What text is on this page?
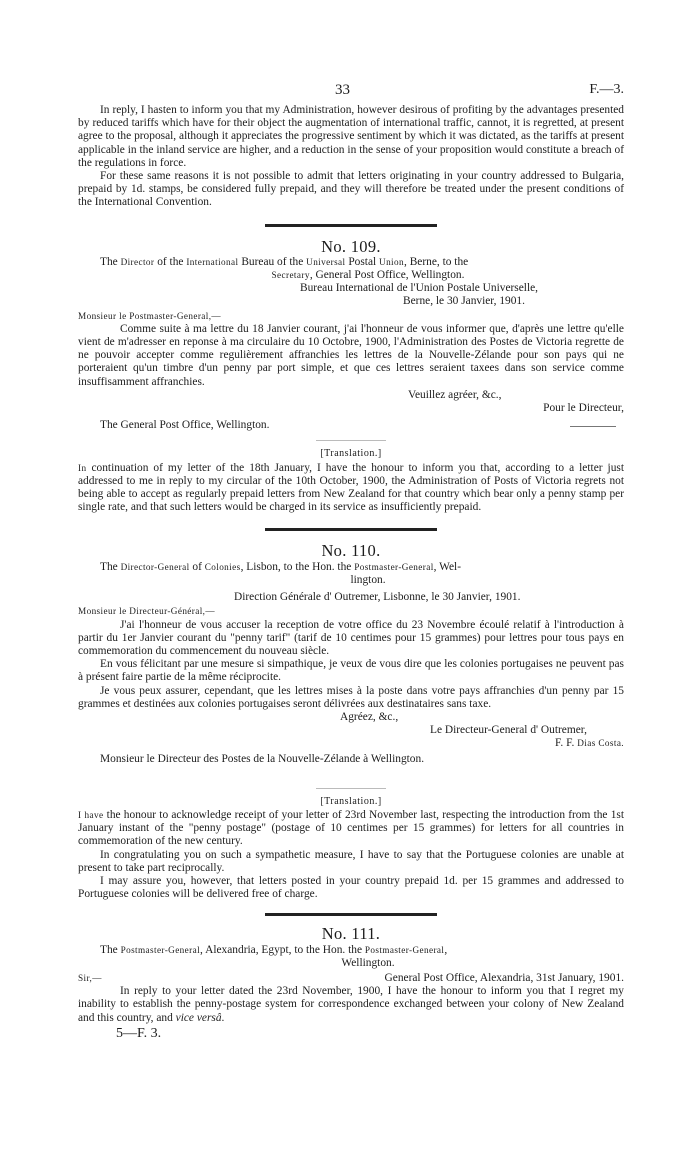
33	F.—3.

In reply, I hasten to inform you that my Administration, however desirous of profiting by the advantages presented by reduced tariffs which have for their object the augmentation of international traffic, cannot, it is regretted, at present agree to the proposal, although it appreciates the progressive sentiment by which it was dictated, as the tariffs at present applicable in the inland service are higher, and a reduction in the sense of your proposition would constitute a breach of the regulations in force.

For these same reasons it is not possible to admit that letters originating in your country addressed to Bulgaria, prepaid by 1d. stamps, be considered fully prepaid, and they will therefore be treated under the present conditions of the International Convention.

No. 109.

The Director of the International Bureau of the Universal Postal Union, Berne, to the

Secretary, General Post Office, Wellington.

Bureau International de l'Union Postale Universelle,
Berne, le 30 Janvier, 1901.
Monsieur le Postmaster-General,—

Comme suite à ma lettre du 18 Janvier courant, j'ai l'honneur de vous informer que, d'après une lettre qu'elle vient de m'adresser en reponse à ma circulaire du 10 Octobre, 1900, l'Administration des Postes de Victoria regrette de ne pouvoir accepter comme regulièrement affranchies les lettres de la Nouvelle-Zélande pour son pays qui ne porteraient qu'un timbre d'un penny par port simple, et que ces lettres seraient taxees dans son service comme insuffisamment affranchies.

Veuillez agréer, &c.,
Pour le Directeur,
The General Post Office, Wellington.
[Translation.]

In continuation of my letter of the 18th January, I have the honour to inform you that, according to a letter just addressed to me in reply to my circular of the 10th October, 1900, the Administration of Posts of Victoria regrets not being able to accept as regularly prepaid letters from New Zealand for that country which bear only a penny stamp per single rate, and that such letters would be charged in its service as insufficiently prepaid.

No. 110.

The Director-General of Colonies, Lisbon, to the Hon. the Postmaster-General, Wel-

lington.

Direction Générale d' Outremer, Lisbonne, le 30 Janvier, 1901.
Monsieur le Directeur-Général,—

J'ai l'honneur de vous accuser la reception de votre office du 23 Novembre écoulé relatif à l'introduction à partir du 1er Janvier courant du "penny tarif" (tarif de 10 centimes pour 15 grammes) pour lettres pour tous pays en commemoration du commencement du nouveau siècle.

En vous félicitant par une mesure si simpathique, je veux de vous dire que les colonies portugaises ne peuvent pas à présent faire partie de la même réciprocite.

Je vous peux assurer, cependant, que les lettres mises à la poste dans votre pays affranchies d'un penny par 15 grammes et destinées aux colonies portugaises seront délivrées aux destinataires sans taxe.

Agréez, &c.,
Le Directeur-General d' Outremer,
F. F. Dias Costa.
Monsieur le Directeur des Postes de la Nouvelle-Zélande à Wellington.
[Translation.]

I have the honour to acknowledge receipt of your letter of 23rd November last, respecting the introduction from the 1st January instant of the "penny postage" (postage of 10 centimes per 15 grammes) for letters for all countries in commemoration of the new century.

In congratulating you on such a sympathetic measure, I have to say that the Portuguese colonies are unable at present to take part reciprocally.

I may assure you, however, that letters posted in your country prepaid 1d. per 15 grammes and addressed to Portuguese colonies will be delivered free of charge.

No. 111.

The Postmaster-General, Alexandria, Egypt, to the Hon. the Postmaster-General,

Wellington.

Sir,—	General Post Office, Alexandria, 31st January, 1901.

In reply to your letter dated the 23rd November, 1900, I have the honour to inform you that I regret my inability to establish the penny-postage system for correspondence exchanged between your colony of New Zealand and this country, and vice versâ.

5—F. 3.
